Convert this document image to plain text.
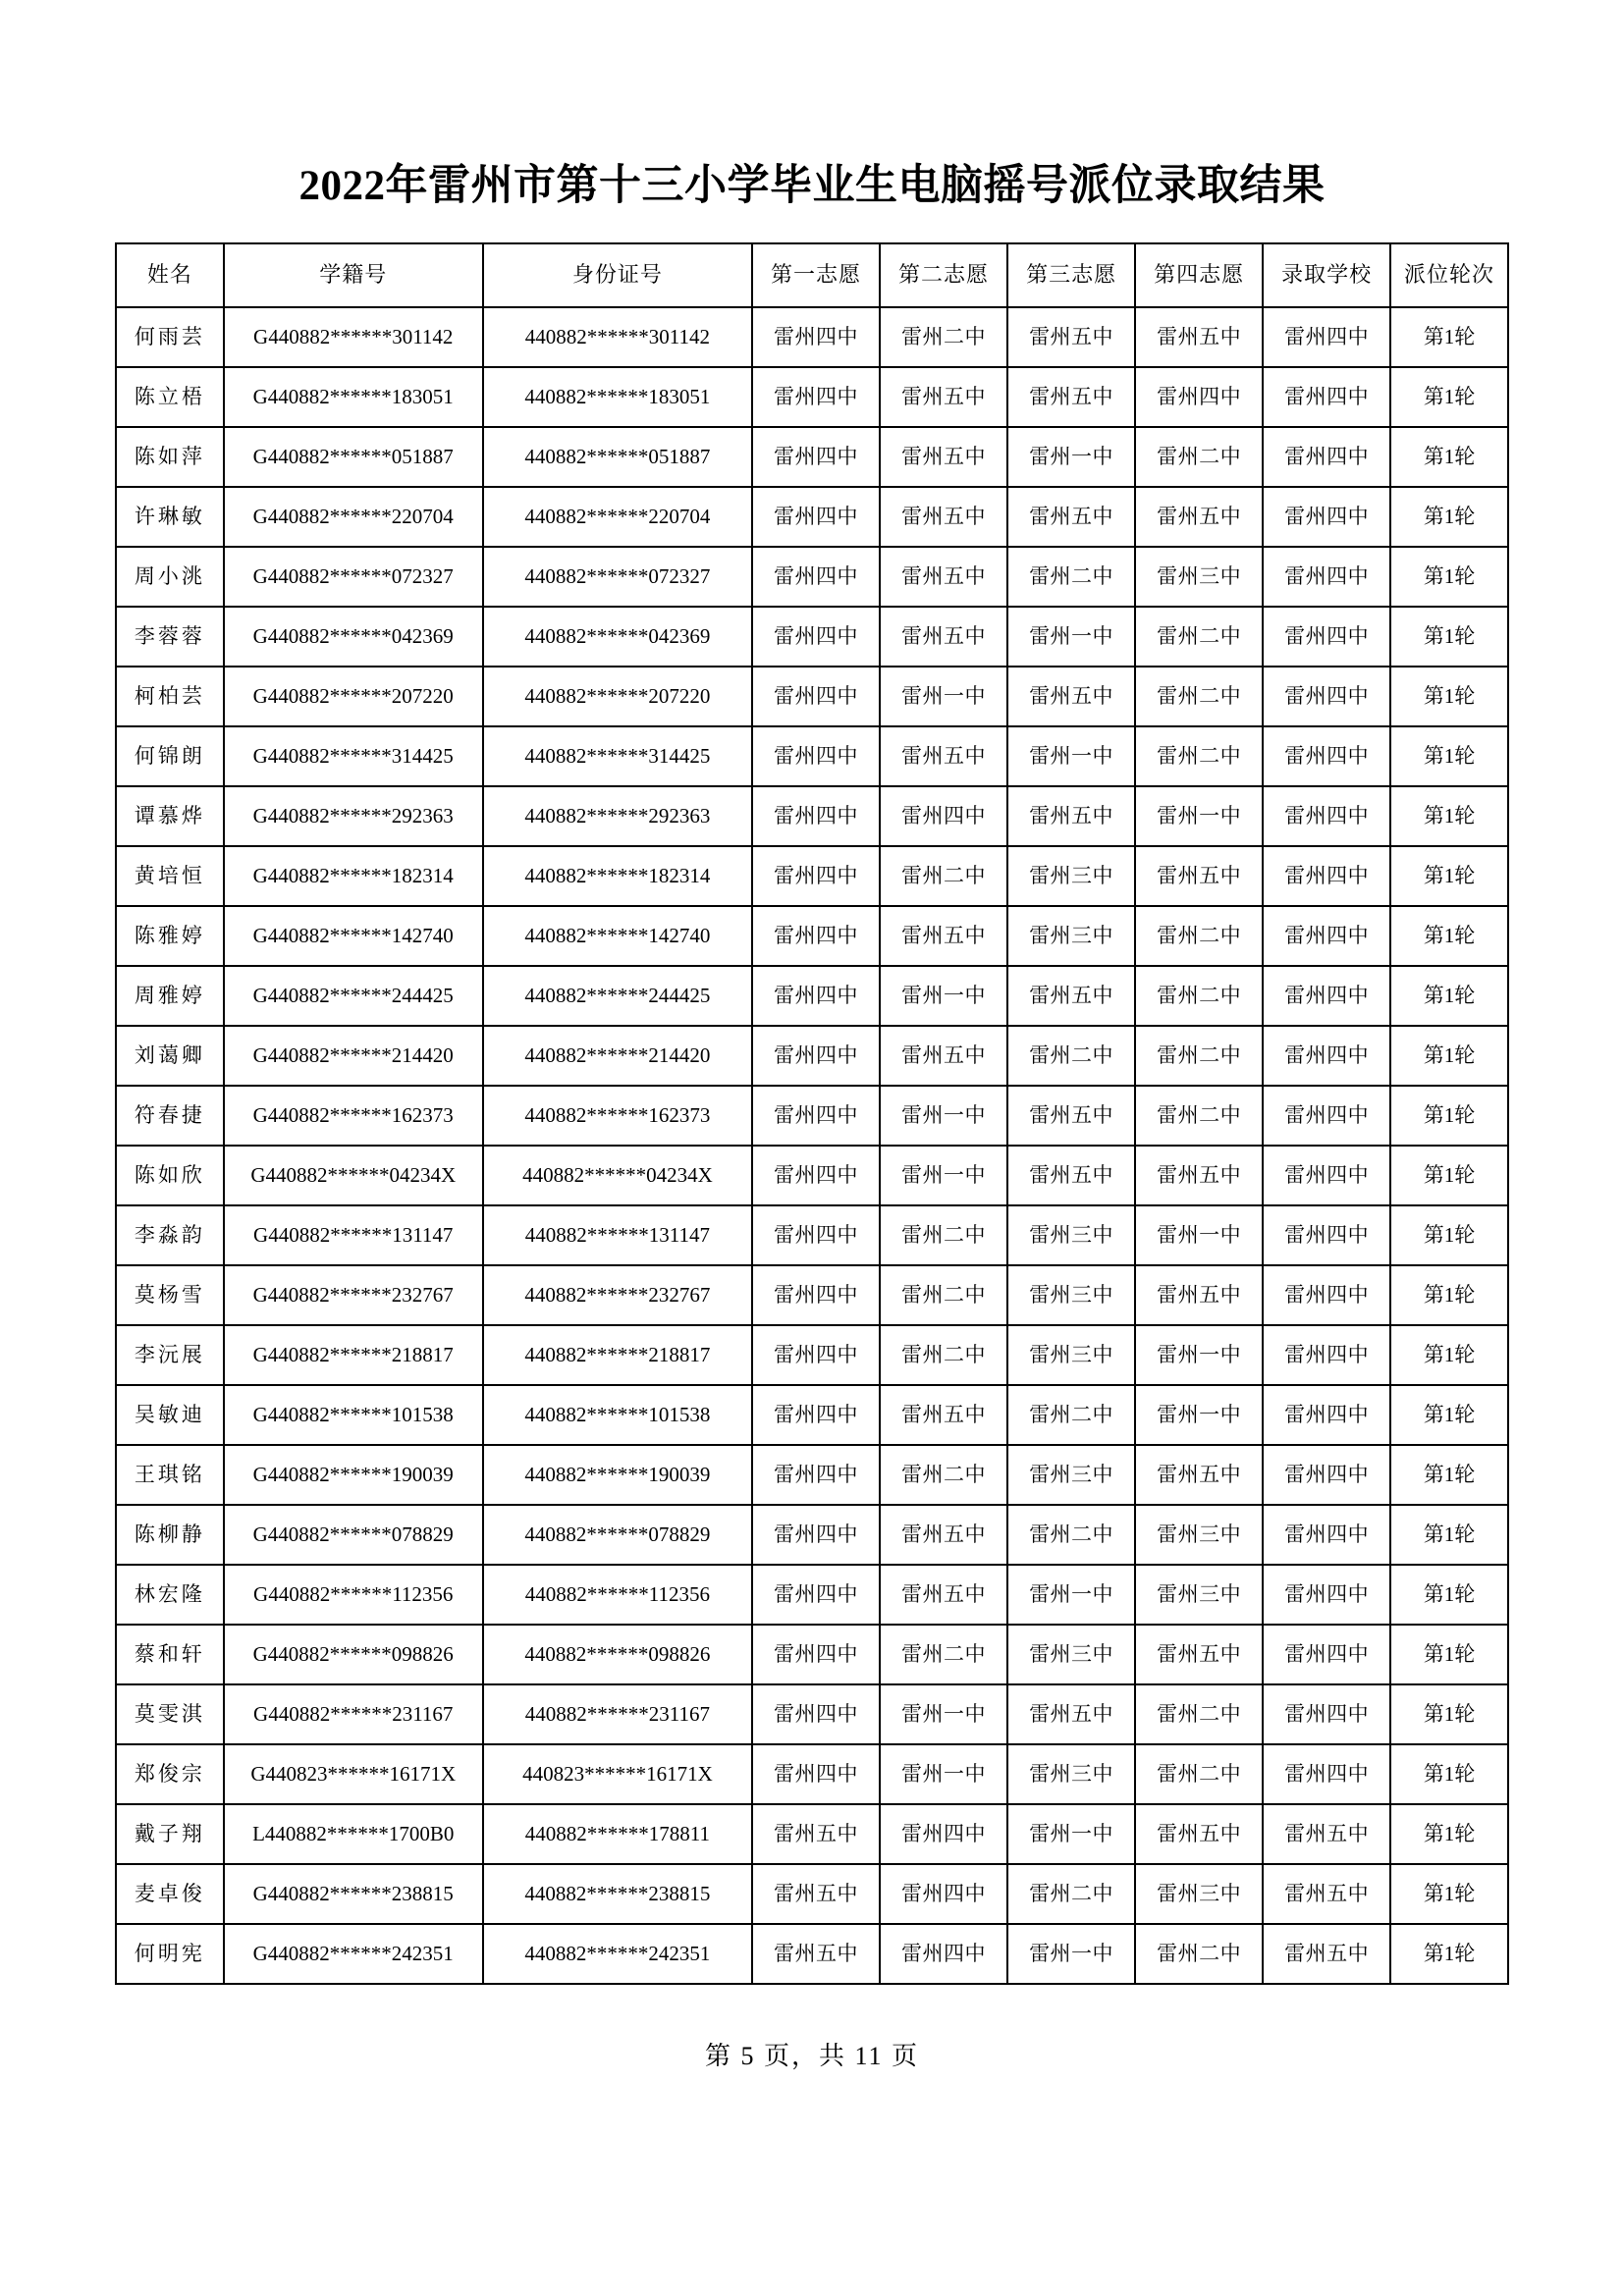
2022年雷州市第十三小学毕业生电脑摇号派位录取结果
姓名	学籍号	身份证号	第一志愿	第二志愿	第三志愿	第四志愿	录取学校	派位轮次
何雨芸	G440882******301142	440882******301142	雷州四中	雷州二中	雷州五中	雷州五中	雷州四中	第1轮
陈立梧	G440882******183051	440882******183051	雷州四中	雷州五中	雷州五中	雷州四中	雷州四中	第1轮
陈如萍	G440882******051887	440882******051887	雷州四中	雷州五中	雷州一中	雷州二中	雷州四中	第1轮
许琳敏	G440882******220704	440882******220704	雷州四中	雷州五中	雷州五中	雷州五中	雷州四中	第1轮
周小洮	G440882******072327	440882******072327	雷州四中	雷州五中	雷州二中	雷州三中	雷州四中	第1轮
李蓉蓉	G440882******042369	440882******042369	雷州四中	雷州五中	雷州一中	雷州二中	雷州四中	第1轮
柯柏芸	G440882******207220	440882******207220	雷州四中	雷州一中	雷州五中	雷州二中	雷州四中	第1轮
何锦朗	G440882******314425	440882******314425	雷州四中	雷州五中	雷州一中	雷州二中	雷州四中	第1轮
谭慕烨	G440882******292363	440882******292363	雷州四中	雷州四中	雷州五中	雷州一中	雷州四中	第1轮
黄培恒	G440882******182314	440882******182314	雷州四中	雷州二中	雷州三中	雷州五中	雷州四中	第1轮
陈雅婷	G440882******142740	440882******142740	雷州四中	雷州五中	雷州三中	雷州二中	雷州四中	第1轮
周雅婷	G440882******244425	440882******244425	雷州四中	雷州一中	雷州五中	雷州二中	雷州四中	第1轮
刘蔼卿	G440882******214420	440882******214420	雷州四中	雷州五中	雷州二中	雷州二中	雷州四中	第1轮
符春捷	G440882******162373	440882******162373	雷州四中	雷州一中	雷州五中	雷州二中	雷州四中	第1轮
陈如欣	G440882******04234X	440882******04234X	雷州四中	雷州一中	雷州五中	雷州五中	雷州四中	第1轮
李淼韵	G440882******131147	440882******131147	雷州四中	雷州二中	雷州三中	雷州一中	雷州四中	第1轮
莫杨雪	G440882******232767	440882******232767	雷州四中	雷州二中	雷州三中	雷州五中	雷州四中	第1轮
李沅展	G440882******218817	440882******218817	雷州四中	雷州二中	雷州三中	雷州一中	雷州四中	第1轮
吴敏迪	G440882******101538	440882******101538	雷州四中	雷州五中	雷州二中	雷州一中	雷州四中	第1轮
王琪铭	G440882******190039	440882******190039	雷州四中	雷州二中	雷州三中	雷州五中	雷州四中	第1轮
陈柳静	G440882******078829	440882******078829	雷州四中	雷州五中	雷州二中	雷州三中	雷州四中	第1轮
林宏隆	G440882******112356	440882******112356	雷州四中	雷州五中	雷州一中	雷州三中	雷州四中	第1轮
蔡和轩	G440882******098826	440882******098826	雷州四中	雷州二中	雷州三中	雷州五中	雷州四中	第1轮
莫雯淇	G440882******231167	440882******231167	雷州四中	雷州一中	雷州五中	雷州二中	雷州四中	第1轮
郑俊宗	G440823******16171X	440823******16171X	雷州四中	雷州一中	雷州三中	雷州二中	雷州四中	第1轮
戴子翔	L440882******1700B0	440882******178811	雷州五中	雷州四中	雷州一中	雷州五中	雷州五中	第1轮
麦卓俊	G440882******238815	440882******238815	雷州五中	雷州四中	雷州二中	雷州三中	雷州五中	第1轮
何明宪	G440882******242351	440882******242351	雷州五中	雷州四中	雷州一中	雷州二中	雷州五中	第1轮
第 5 页，共 11 页
